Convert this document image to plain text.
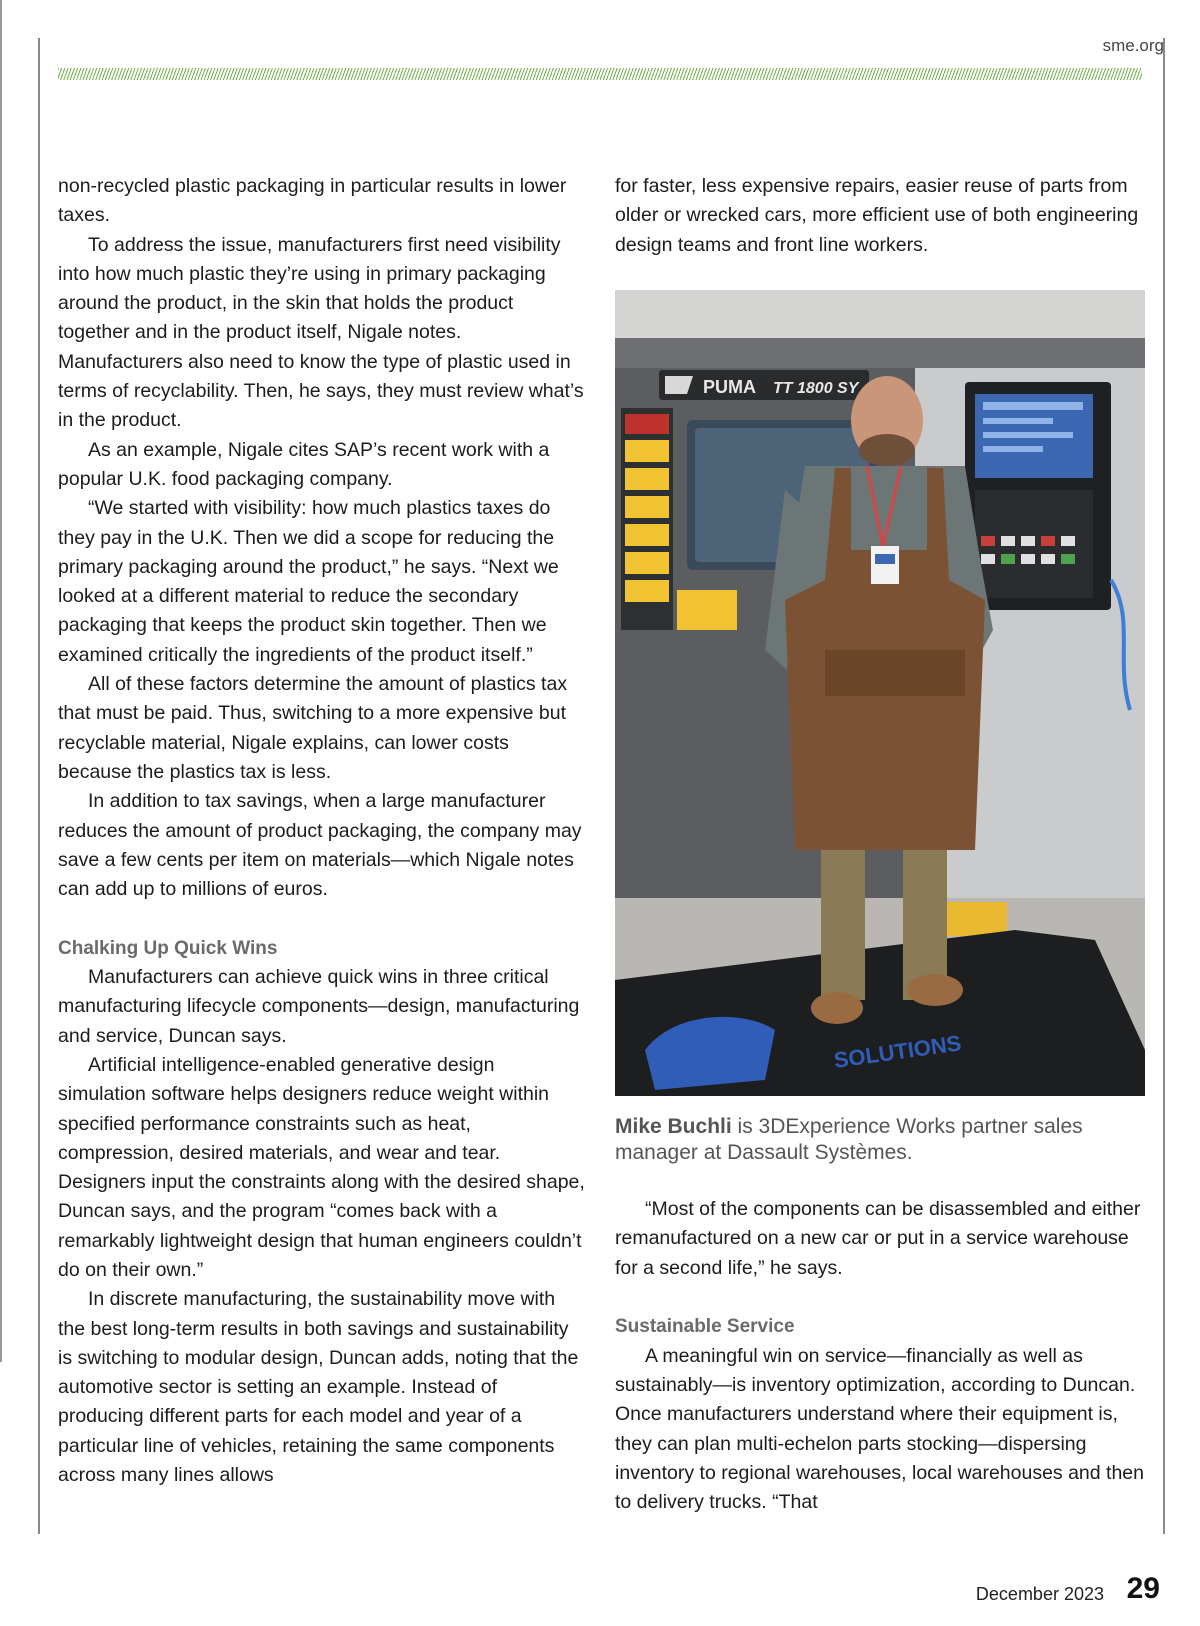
sme.org

non-recycled plastic packaging in particular results in lower taxes.

To address the issue, manufacturers first need visibility into how much plastic they’re using in primary packaging around the product, in the skin that holds the product together and in the product itself, Nigale notes. Manufacturers also need to know the type of plastic used in terms of recyclability. Then, he says, they must review what’s in the product.

As an example, Nigale cites SAP’s recent work with a popular U.K. food packaging company.

“We started with visibility: how much plastics taxes do they pay in the U.K. Then we did a scope for reducing the primary packaging around the product,” he says. “Next we looked at a different material to reduce the secondary packaging that keeps the product skin together. Then we examined critically the ingredients of the product itself.”

All of these factors determine the amount of plastics tax that must be paid. Thus, switching to a more expensive but recyclable material, Nigale explains, can lower costs because the plastics tax is less.

In addition to tax savings, when a large manufacturer reduces the amount of product packaging, the company may save a few cents per item on materials—which Nigale notes can add up to millions of euros.

Chalking Up Quick Wins

Manufacturers can achieve quick wins in three critical manufacturing lifecycle components—design, manufacturing and service, Duncan says.

Artificial intelligence-enabled generative design simulation software helps designers reduce weight within specified performance constraints such as heat, compression, desired materials, and wear and tear. Designers input the constraints along with the desired shape, Duncan says, and the program “comes back with a remarkably lightweight design that human engineers couldn’t do on their own.”

In discrete manufacturing, the sustainability move with the best long-term results in both savings and sustainability is switching to modular design, Duncan adds, noting that the automotive sector is setting an example. Instead of producing different parts for each model and year of a particular line of vehicles, retaining the same components across many lines allows

for faster, less expensive repairs, easier reuse of parts from older or wrecked cars, more efficient use of both engineering design teams and front line workers.

PUMA TT 1800 SY
SOLUTIONS
Mike Buchli is 3DExperience Works partner sales manager at Dassault Systèmes.

“Most of the components can be disassembled and either remanufactured on a new car or put in a service warehouse for a second life,” he says.

Sustainable Service

A meaningful win on service—financially as well as sustainably—is inventory optimization, according to Duncan. Once manufacturers understand where their equipment is, they can plan multi-echelon parts stocking—dispersing inventory to regional warehouses, local warehouses and then to delivery trucks. “That

December 2023 29
